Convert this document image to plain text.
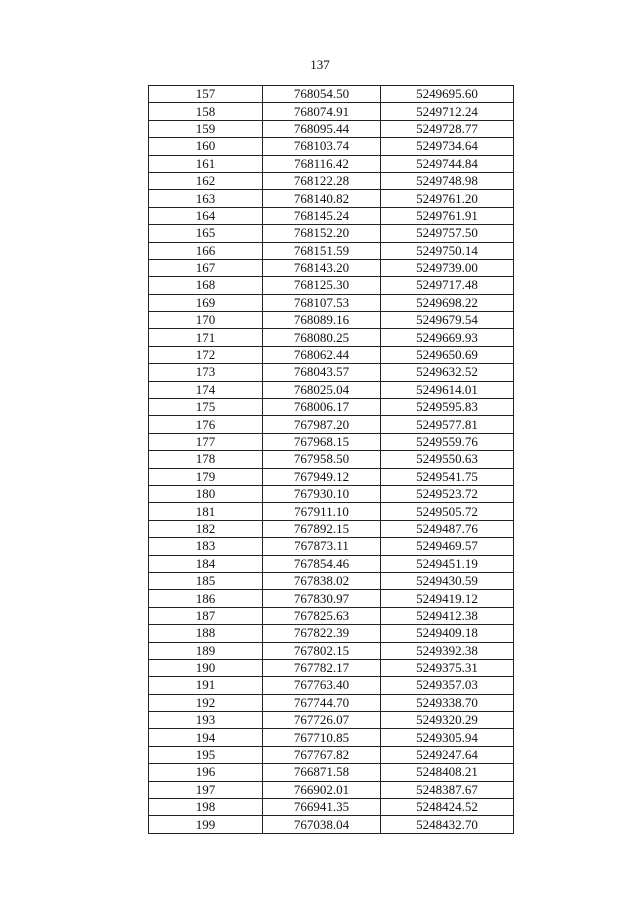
137
157	768054.50	5249695.60
158	768074.91	5249712.24
159	768095.44	5249728.77
160	768103.74	5249734.64
161	768116.42	5249744.84
162	768122.28	5249748.98
163	768140.82	5249761.20
164	768145.24	5249761.91
165	768152.20	5249757.50
166	768151.59	5249750.14
167	768143.20	5249739.00
168	768125.30	5249717.48
169	768107.53	5249698.22
170	768089.16	5249679.54
171	768080.25	5249669.93
172	768062.44	5249650.69
173	768043.57	5249632.52
174	768025.04	5249614.01
175	768006.17	5249595.83
176	767987.20	5249577.81
177	767968.15	5249559.76
178	767958.50	5249550.63
179	767949.12	5249541.75
180	767930.10	5249523.72
181	767911.10	5249505.72
182	767892.15	5249487.76
183	767873.11	5249469.57
184	767854.46	5249451.19
185	767838.02	5249430.59
186	767830.97	5249419.12
187	767825.63	5249412.38
188	767822.39	5249409.18
189	767802.15	5249392.38
190	767782.17	5249375.31
191	767763.40	5249357.03
192	767744.70	5249338.70
193	767726.07	5249320.29
194	767710.85	5249305.94
195	767767.82	5249247.64
196	766871.58	5248408.21
197	766902.01	5248387.67
198	766941.35	5248424.52
199	767038.04	5248432.70
